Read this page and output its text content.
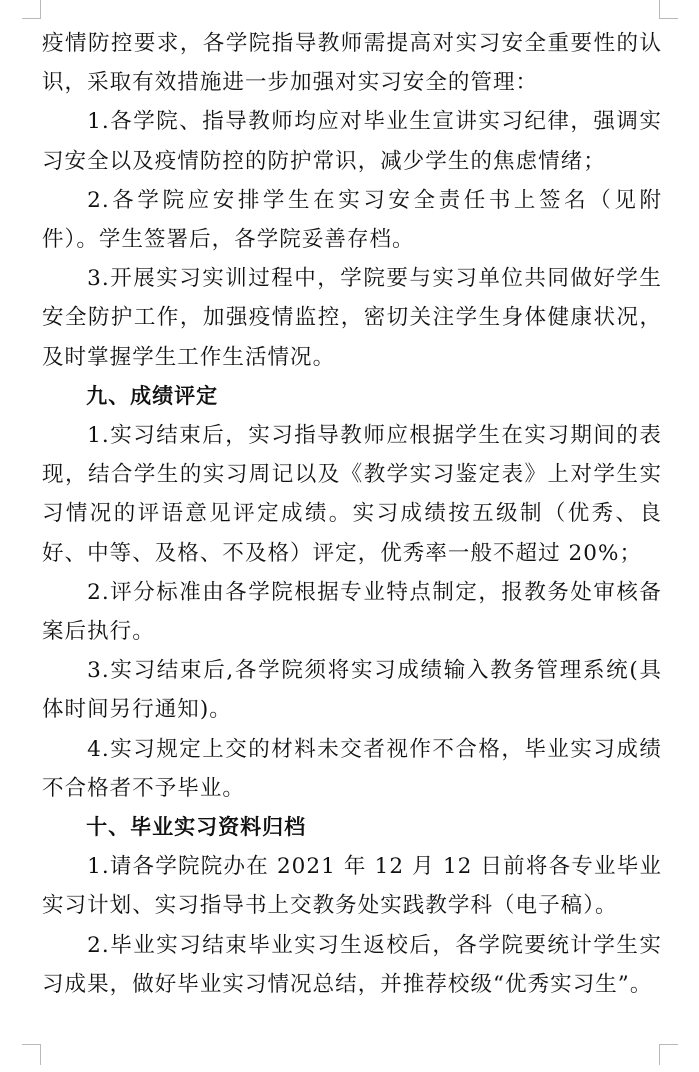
疫情防控要求，各学院指导教师需提高对实习安全重要性的认识，采取有效措施进一步加强对实习安全的管理：

1.各学院、指导教师均应对毕业生宣讲实习纪律，强调实习安全以及疫情防控的防护常识，减少学生的焦虑情绪；

2.各学院应安排学生在实习安全责任书上签名（见附件）。学生签署后，各学院妥善存档。

3.开展实习实训过程中，学院要与实习单位共同做好学生安全防护工作，加强疫情监控，密切关注学生身体健康状况，及时掌握学生工作生活情况。

九、成绩评定

1.实习结束后，实习指导教师应根据学生在实习期间的表现，结合学生的实习周记以及《教学实习鉴定表》上对学生实习情况的评语意见评定成绩。实习成绩按五级制（优秀、良好、中等、及格、不及格）评定，优秀率一般不超过 20%；

2.评分标准由各学院根据专业特点制定，报教务处审核备案后执行。

3.实习结束后,各学院须将实习成绩输入教务管理系统(具体时间另行通知)。

4.实习规定上交的材料未交者视作不合格，毕业实习成绩不合格者不予毕业。

十、毕业实习资料归档

1.请各学院院办在 2021 年 12 月 12 日前将各专业毕业实习计划、实习指导书上交教务处实践教学科（电子稿）。

2.毕业实习结束毕业实习生返校后，各学院要统计学生实习成果，做好毕业实习情况总结，并推荐校级“优秀实习生”。
